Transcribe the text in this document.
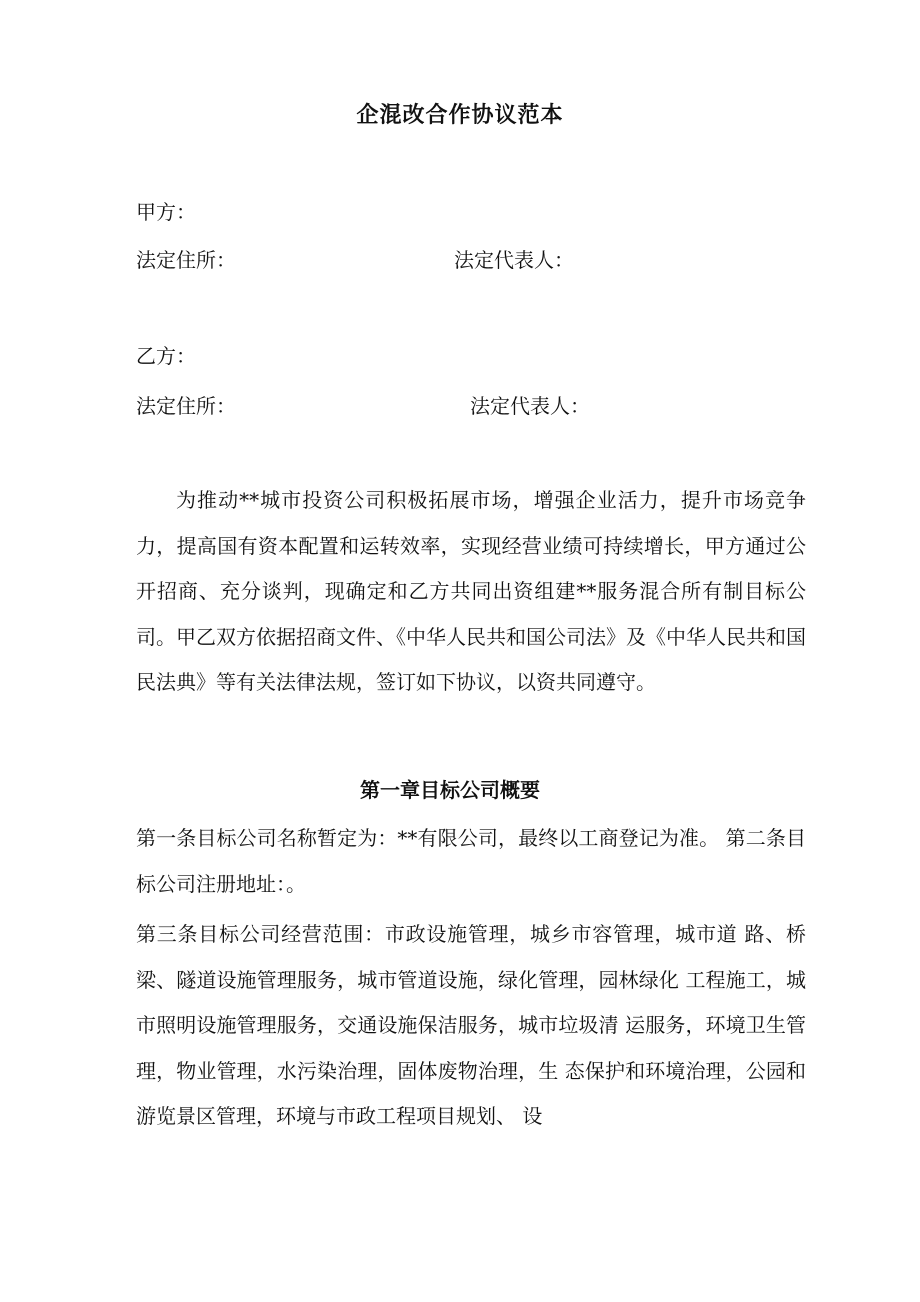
企混改合作协议范本
甲方：
法定住所：	法定代表人：
乙方：
法定住所：	法定代表人：
为推动**城市投资公司积极拓展市场，增强企业活力，提升市场竞争力，提高国有资本配置和运转效率，实现经营业绩可持续增长，甲方通过公开招商、充分谈判，现确定和乙方共同出资组建**服务混合所有制目标公司。甲乙双方依据招商文件、《中华人民共和国公司法》及《中华人民共和国民法典》等有关法律法规，签订如下协议，以资共同遵守。
第一章目标公司概要
第一条目标公司名称暂定为：**有限公司，最终以工商登记为准。 第二条目标公司注册地址：。
第三条目标公司经营范围：市政设施管理，城乡市容管理，城市道 路、桥梁、隧道设施管理服务，城市管道设施，绿化管理，园林绿化 工程施工，城市照明设施管理服务，交通设施保洁服务，城市垃圾清 运服务，环境卫生管理，物业管理，水污染治理，固体废物治理，生 态保护和环境治理，公园和游览景区管理，环境与市政工程项目规划、 设
